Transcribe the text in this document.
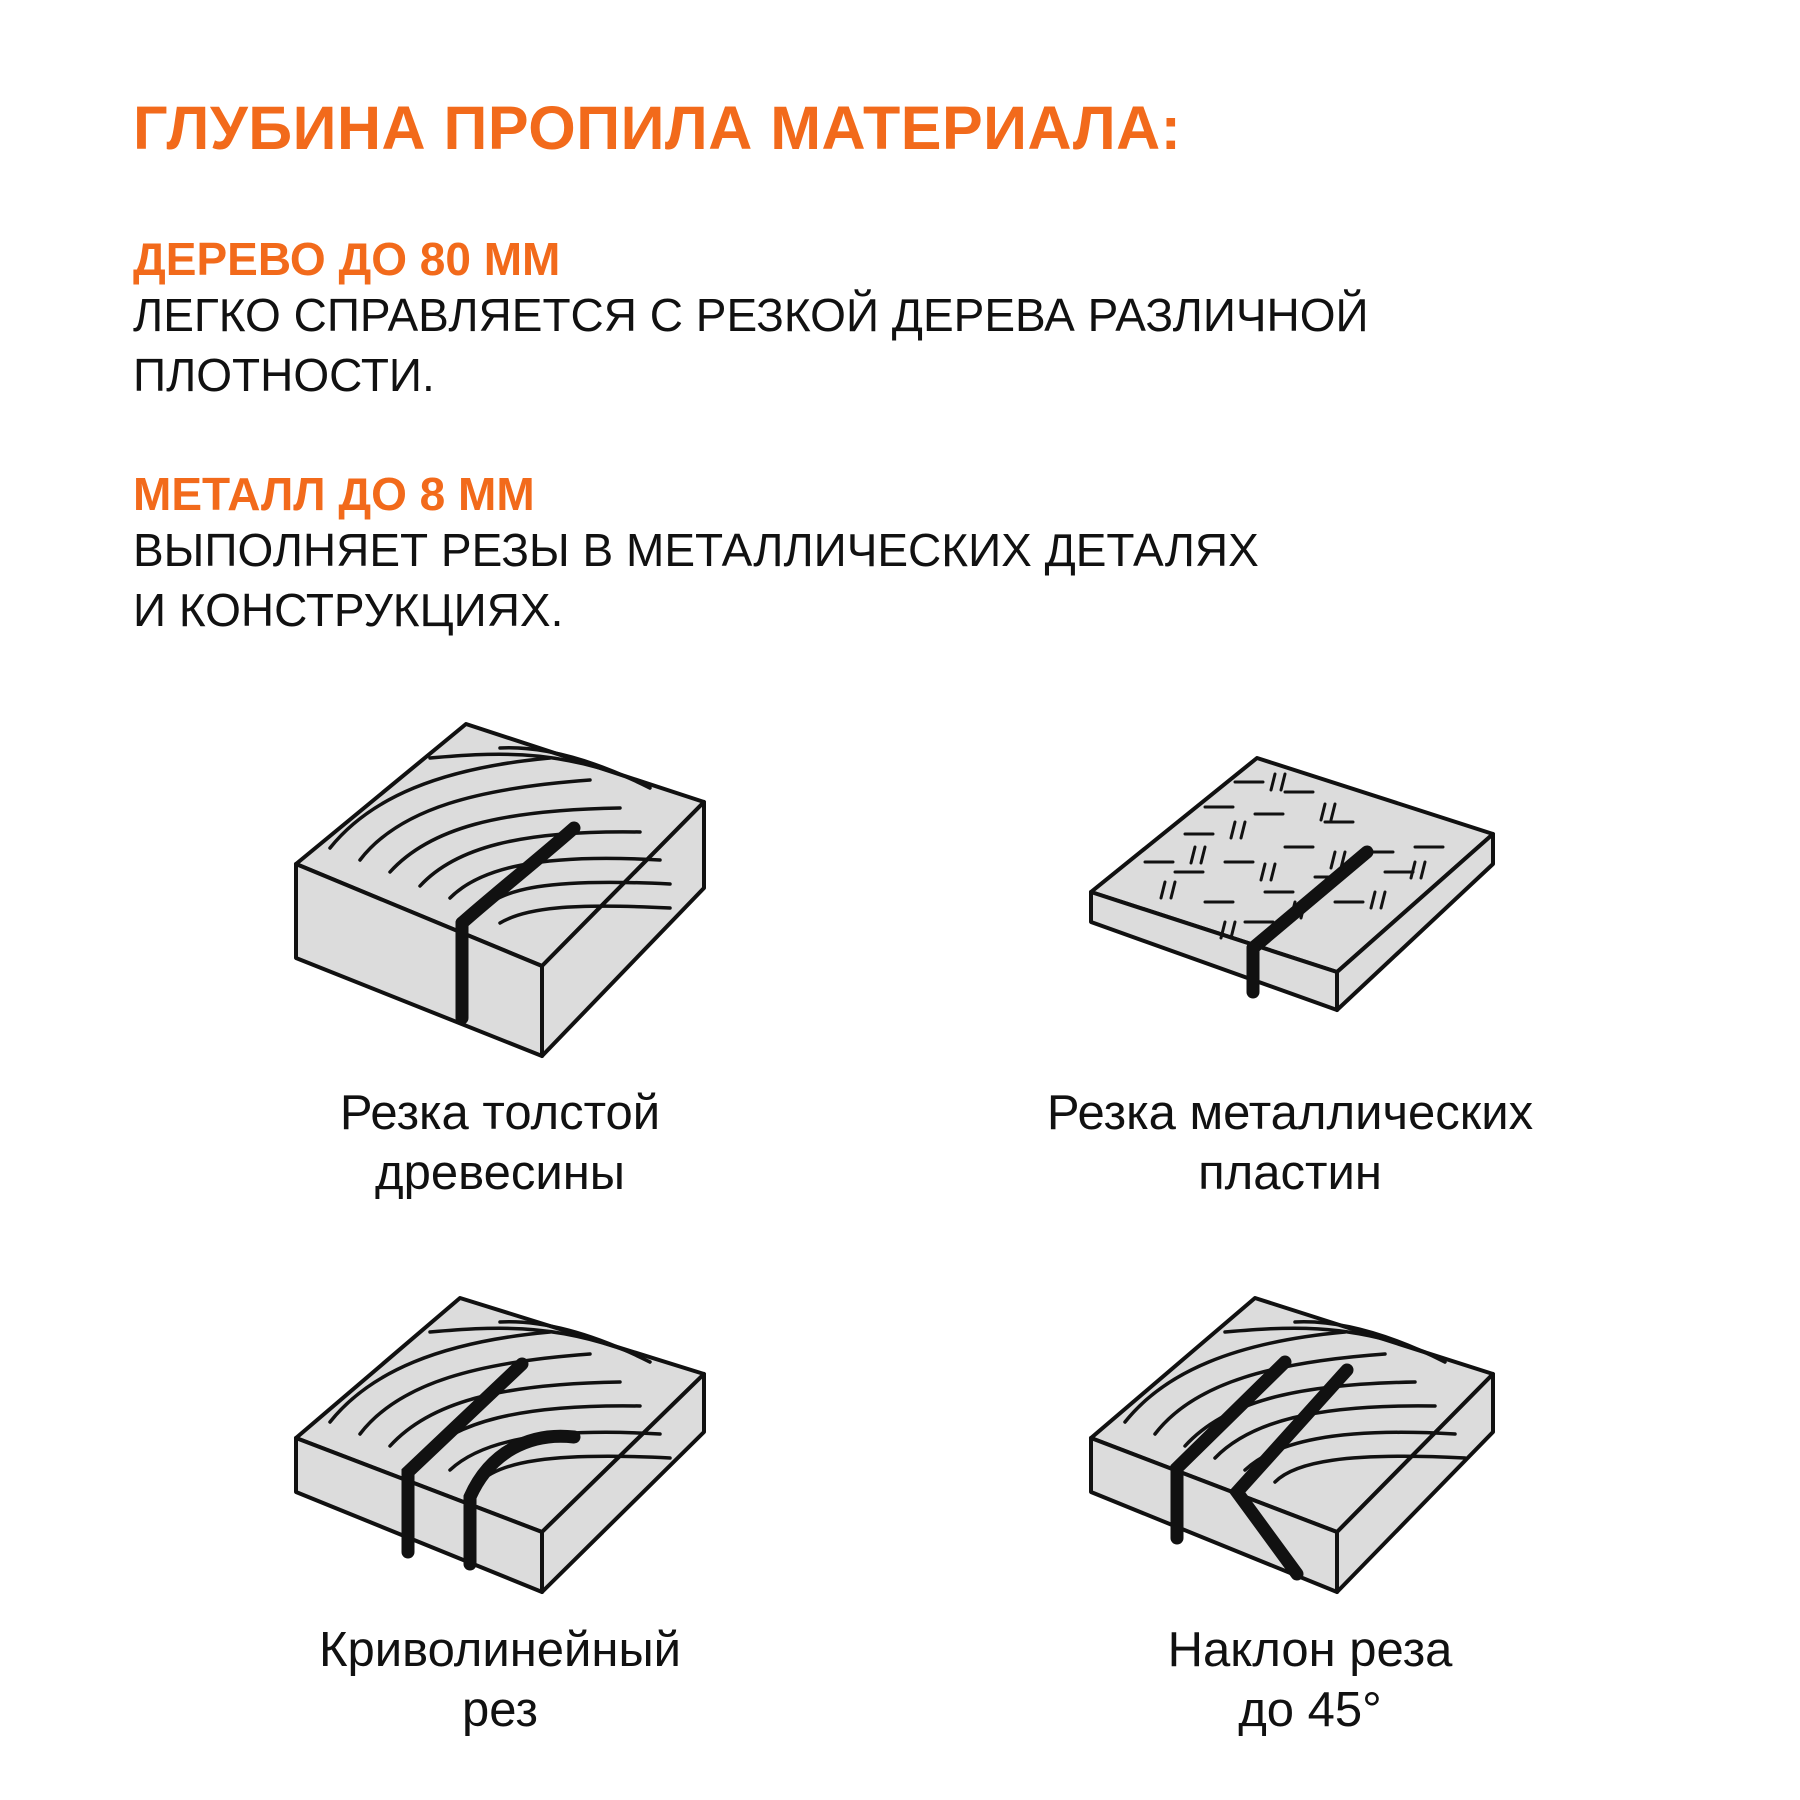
ГЛУБИНА ПРОПИЛА МАТЕРИАЛА:
ДЕРЕВО ДО 80 ММ
ЛЕГКО СПРАВЛЯЕТСЯ С РЕЗКОЙ ДЕРЕВА РАЗЛИЧНОЙ
ПЛОТНОСТИ.
МЕТАЛЛ ДО 8 ММ
ВЫПОЛНЯЕТ РЕЗЫ В МЕТАЛЛИЧЕСКИХ ДЕТАЛЯХ
И КОНСТРУКЦИЯХ.
Резка толстой
древесины
Резка металлических
пластин
Криволинейный
рез
Наклон реза
до 45°
